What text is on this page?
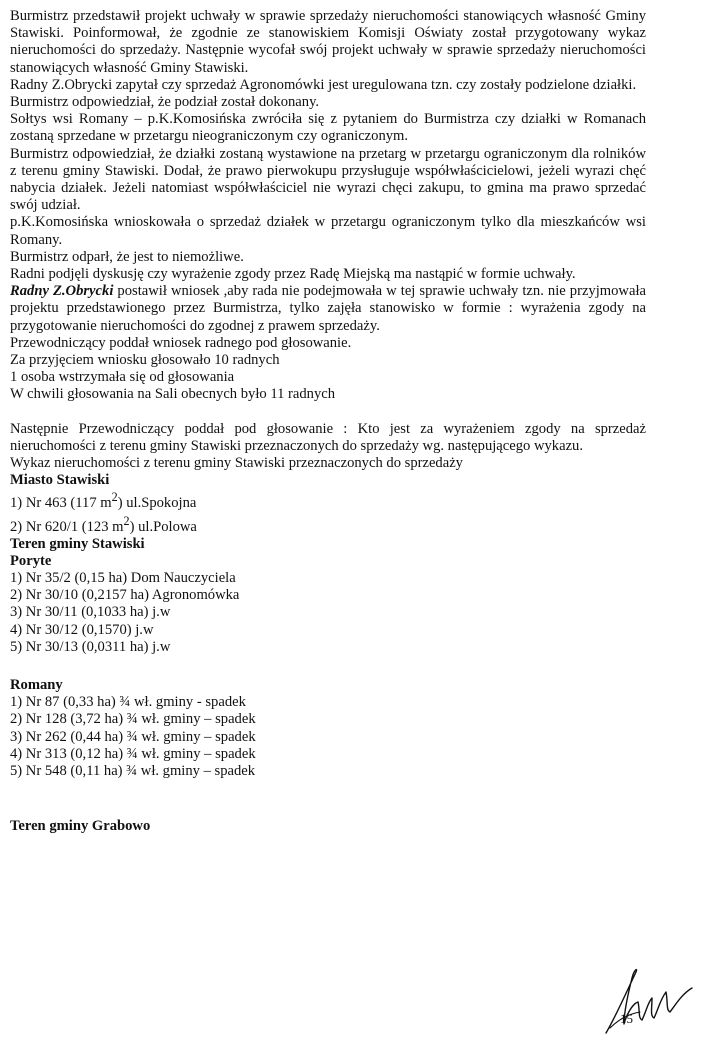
Burmistrz przedstawił projekt uchwały w sprawie sprzedaży nieruchomości stanowiących własność Gminy Stawiski. Poinformował, że zgodnie ze stanowiskiem Komisji Oświaty został przygotowany wykaz nieruchomości do sprzedaży. Następnie wycofał swój projekt uchwały w sprawie sprzedaży nieruchomości stanowiących własność Gminy Stawiski.

Radny Z.Obrycki zapytał czy sprzedaż Agronomówki jest uregulowana tzn. czy zostały podzielone działki.

Burmistrz odpowiedział, że podział został dokonany.

Sołtys wsi Romany – p.K.Komosińska zwróciła się z pytaniem do Burmistrza czy działki w Romanach zostaną sprzedane w przetargu nieograniczonym czy ograniczonym.

Burmistrz odpowiedział, że działki zostaną wystawione na przetarg w przetargu ograniczonym dla rolników z terenu gminy Stawiski. Dodał, że prawo pierwokupu przysługuje współwłaścicielowi, jeżeli wyrazi chęć nabycia działek. Jeżeli natomiast współwłaściciel nie wyrazi chęci zakupu, to gmina ma prawo sprzedać swój udział.

p.K.Komosińska wnioskowała o sprzedaż działek w przetargu ograniczonym tylko dla mieszkańców wsi Romany.

Burmistrz odparł, że jest to niemożliwe.

Radni podjęli dyskusję czy wyrażenie zgody przez Radę Miejską ma nastąpić w formie uchwały.

Radny Z.Obrycki postawił wniosek ,aby rada nie podejmowała w tej sprawie uchwały tzn. nie przyjmowała projektu przedstawionego przez Burmistrza, tylko zajęła stanowisko w formie : wyrażenia zgody na przygotowanie nieruchomości do zgodnej z prawem sprzedaży.

Przewodniczący poddał wniosek radnego pod głosowanie.

Za przyjęciem wniosku głosowało 10 radnych

1 osoba wstrzymała się od głosowania

W chwili głosowania na Sali obecnych było 11 radnych

Następnie Przewodniczący poddał pod głosowanie : Kto jest za wyrażeniem zgody na sprzedaż nieruchomości z terenu gminy Stawiski przeznaczonych do sprzedaży wg. następującego wykazu.

Wykaz nieruchomości z terenu gminy Stawiski przeznaczonych do sprzedaży

Miasto Stawiski
1) Nr 463 (117 $m^2$) ul.Spokojna
2) Nr 620/1 (123 $m^2$) ul.Polowa
Teren gminy Stawiski
Poryte
1) Nr 35/2 (0,15 ha) Dom Nauczyciela
2) Nr 30/10 (0,2157 ha) Agronomówka
3) Nr 30/11 (0,1033 ha) j.w
4) Nr 30/12 (0,1570) j.w
5) Nr 30/13 (0,0311 ha) j.w
Romany
1) Nr 87 (0,33 ha) ¾ wł. gminy - spadek
2) Nr 128 (3,72 ha) ¾ wł. gminy – spadek
3) Nr 262 (0,44 ha) ¾ wł. gminy – spadek
4) Nr 313 (0,12 ha) ¾ wł. gminy – spadek
5) Nr 548 (0,11 ha) ¾ wł. gminy – spadek
Teren gminy Grabowo
15
